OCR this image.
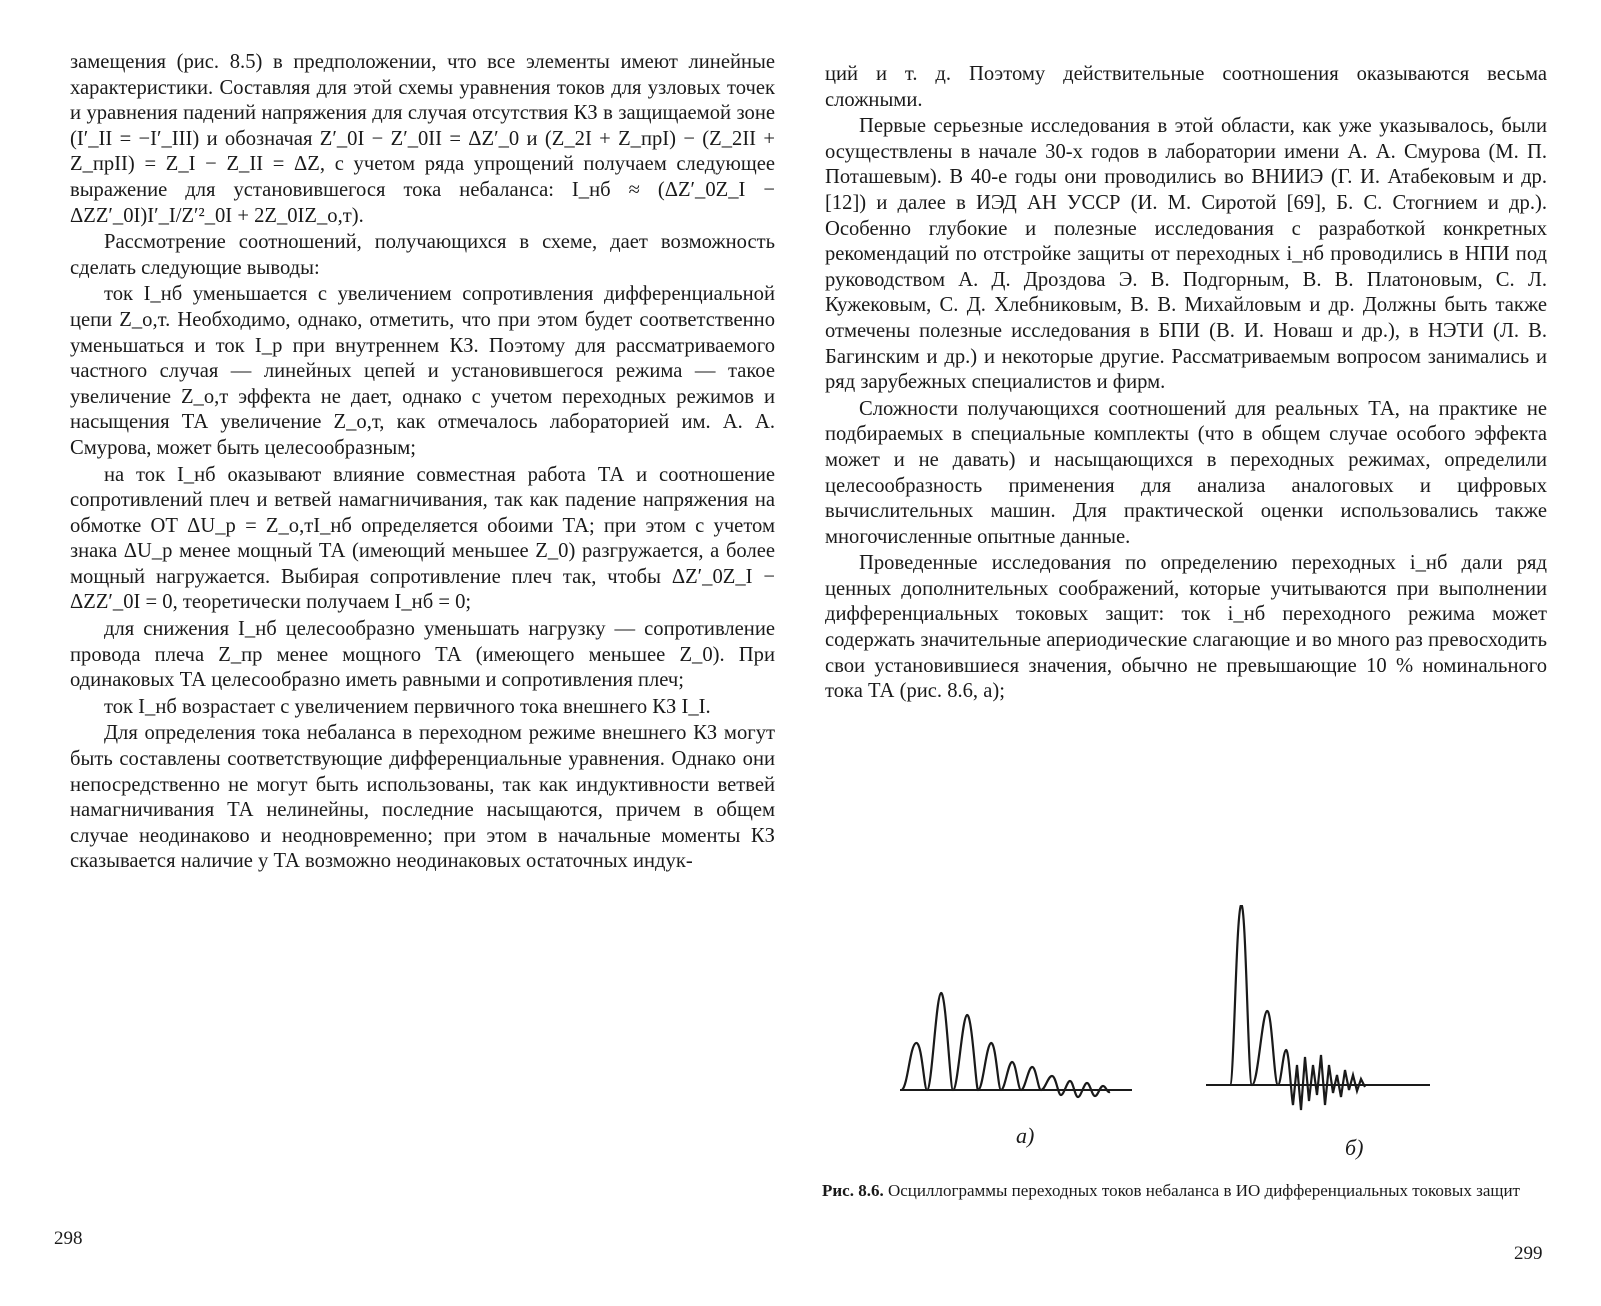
замещения (рис. 8.5) в предположении, что все элементы имеют линейные характеристики. Составляя для этой схемы уравнения токов для узловых точек и уравнения падений напряжения для случая отсутствия КЗ в защищаемой зоне (I′_II = −I′_III) и обозначая Z′_0I − Z′_0II = ΔZ′_0 и (Z_2I + Z_прI) − (Z_2II + Z_прII) = Z_I − Z_II = ΔZ, с учетом ряда упрощений получаем следующее выражение для установившегося тока небаланса: I_нб ≈ (ΔZ′_0Z_I − ΔZZ′_0I)I′_I/Z′²_0I + 2Z_0IZ_о,т).

Рассмотрение соотношений, получающихся в схеме, дает возможность сделать следующие выводы:

ток I_нб уменьшается с увеличением сопротивления дифференциальной цепи Z_о,т. Необходимо, однако, отметить, что при этом будет соответственно уменьшаться и ток I_р при внутреннем КЗ. Поэтому для рассматриваемого частного случая — линейных цепей и установившегося режима — такое увеличение Z_о,т эффекта не дает, однако с учетом переходных режимов и насыщения ТА увеличение Z_о,т, как отмечалось лабораторией им. А. А. Смурова, может быть целесообразным;

на ток I_нб оказывают влияние совместная работа ТА и соотношение сопротивлений плеч и ветвей намагничивания, так как падение напряжения на обмотке ОТ ΔU_р = Z_о,тI_нб определяется обоими ТА; при этом с учетом знака ΔU_р менее мощный ТА (имеющий меньшее Z_0) разгружается, а более мощный нагружается. Выбирая сопротивление плеч так, чтобы ΔZ′_0Z_I − ΔZZ′_0I = 0, теоретически получаем I_нб = 0;

для снижения I_нб целесообразно уменьшать нагрузку — сопротивление провода плеча Z_пр менее мощного ТА (имеющего меньшее Z_0). При одинаковых ТА целесообразно иметь равными и сопротивления плеч;

ток I_нб возрастает с увеличением первичного тока внешнего КЗ I_I.

Для определения тока небаланса в переходном режиме внешнего КЗ могут быть составлены соответствующие дифференциальные уравнения. Однако они непосредственно не могут быть использованы, так как индуктивности ветвей намагничивания ТА нелинейны, последние насыщаются, причем в общем случае неодинаково и неодновременно; при этом в начальные моменты КЗ сказывается наличие у ТА возможно неодинаковых остаточных индук-

298

ций и т. д. Поэтому действительные соотношения оказываются весьма сложными.

Первые серьезные исследования в этой области, как уже указывалось, были осуществлены в начале 30-х годов в лаборатории имени А. А. Смурова (М. П. Поташевым). В 40-е годы они проводились во ВНИИЭ (Г. И. Атабековым и др. [12]) и далее в ИЭД АН УССР (И. М. Сиротой [69], Б. С. Стогнием и др.). Особенно глубокие и полезные исследования с разработкой конкретных рекомендаций по отстройке защиты от переходных i_нб проводились в НПИ под руководством А. Д. Дроздова Э. В. Подгорным, В. В. Платоновым, С. Л. Кужековым, С. Д. Хлебниковым, В. В. Михайловым и др. Должны быть также отмечены полезные исследования в БПИ (В. И. Новаш и др.), в НЭТИ (Л. В. Багинским и др.) и некоторые другие. Рассматриваемым вопросом занимались и ряд зарубежных специалистов и фирм.

Сложности получающихся соотношений для реальных ТА, на практике не подбираемых в специальные комплекты (что в общем случае особого эффекта может и не давать) и насыщающихся в переходных режимах, определили целесообразность применения для анализа аналоговых и цифровых вычислительных машин. Для практической оценки использовались также многочисленные опытные данные.

Проведенные исследования по определению переходных i_нб дали ряд ценных дополнительных соображений, которые учитываются при выполнении дифференциальных токовых защит: ток i_нб переходного режима может содержать значительные апериодические слагающие и во много раз превосходить свои установившиеся значения, обычно не превышающие 10 % номинального тока ТА (рис. 8.6, а);

а)	б)
Рис. 8.6. Осциллограммы переходных токов небаланса в ИО дифференциальных токовых защит
299
